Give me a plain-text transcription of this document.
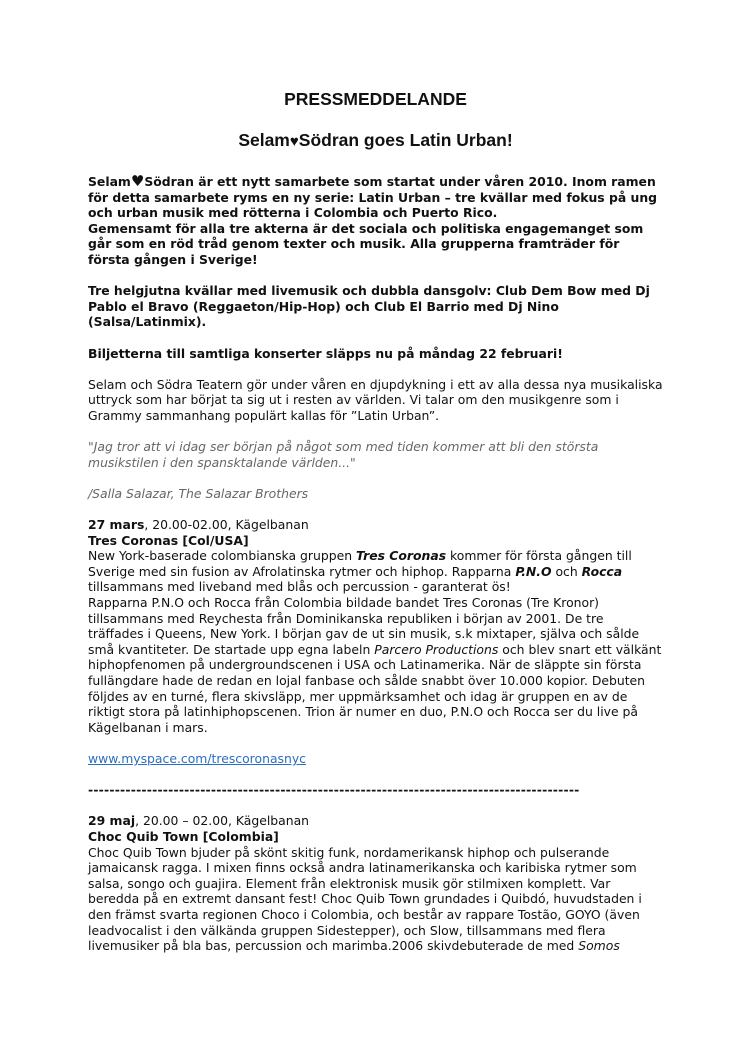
PRESSMEDDELANDE
Selam♥Södran goes Latin Urban!

Selam♥Södran är ett nytt samarbete som startat under våren 2010. Inom ramen för detta samarbete ryms en ny serie: Latin Urban – tre kvällar med fokus på ung och urban musik med rötterna i Colombia och Puerto Rico.

Gemensamt för alla tre akterna är det sociala och politiska engagemanget som går som en röd tråd genom texter och musik. Alla grupperna framträder för första gången i Sverige!

Tre helgjutna kvällar med livemusik och dubbla dansgolv: Club Dem Bow med Dj Pablo el Bravo (Reggaeton/Hip-Hop) och Club El Barrio med Dj Nino (Salsa/Latinmix).

Biljetterna till samtliga konserter släpps nu på måndag 22 februari!

Selam och Södra Teatern gör under våren en djupdykning i ett av alla dessa nya musikaliska uttryck som har börjat ta sig ut i resten av världen. Vi talar om den musikgenre som i Grammy sammanhang populärt kallas för ”Latin Urban”.

"Jag tror att vi idag ser början på något som med tiden kommer att bli den största musikstilen i den spansktalande världen..."

/Salla Salazar, The Salazar Brothers

27 mars, 20.00-02.00, Kägelbanan

Tres Coronas [Col/USA]

New York-baserade colombianska gruppen Tres Coronas kommer för första gången till Sverige med sin fusion av Afrolatinska rytmer och hiphop. Rapparna P.N.O och Rocca tillsammans med liveband med blås och percussion - garanterat ös!

Rapparna P.N.O och Rocca från Colombia bildade bandet Tres Coronas (Tre Kronor) tillsammans med Reychesta från Dominikanska republiken i början av 2001. De tre träffades i Queens, New York. I början gav de ut sin musik, s.k mixtaper, själva och sålde små kvantiteter. De startade upp egna labeln Parcero Productions och blev snart ett välkänt hiphopfenomen på undergroundscenen i USA och Latinamerika. När de släppte sin första fullängdare hade de redan en lojal fanbase och sålde snabbt över 10.000 kopior. Debuten följdes av en turné, flera skivsläpp, mer uppmärksamhet och idag är gruppen en av de riktigt stora på latinhiphopscenen. Trion är numer en duo, P.N.O och Rocca ser du live på Kägelbanan i mars.

www.myspace.com/trescoronasnyc

--------------------------------------------------------------------------------------------

29 maj, 20.00 – 02.00, Kägelbanan

Choc Quib Town [Colombia]

Choc Quib Town bjuder på skönt skitig funk, nordamerikansk hiphop och pulserande jamaicansk ragga. I mixen finns också andra latinamerikanska och karibiska rytmer som salsa, songo och guajira. Element från elektronisk musik gör stilmixen komplett. Var beredda på en extremt dansant fest! Choc Quib Town grundades i Quibdó, huvudstaden i den främst svarta regionen Choco i Colombia, och består av rappare Tostão, GOYO (även leadvocalist i den välkända gruppen Sidestepper), och Slow, tillsammans med flera livemusiker på bla bas, percussion och marimba.2006 skivdebuterade de med Somos
